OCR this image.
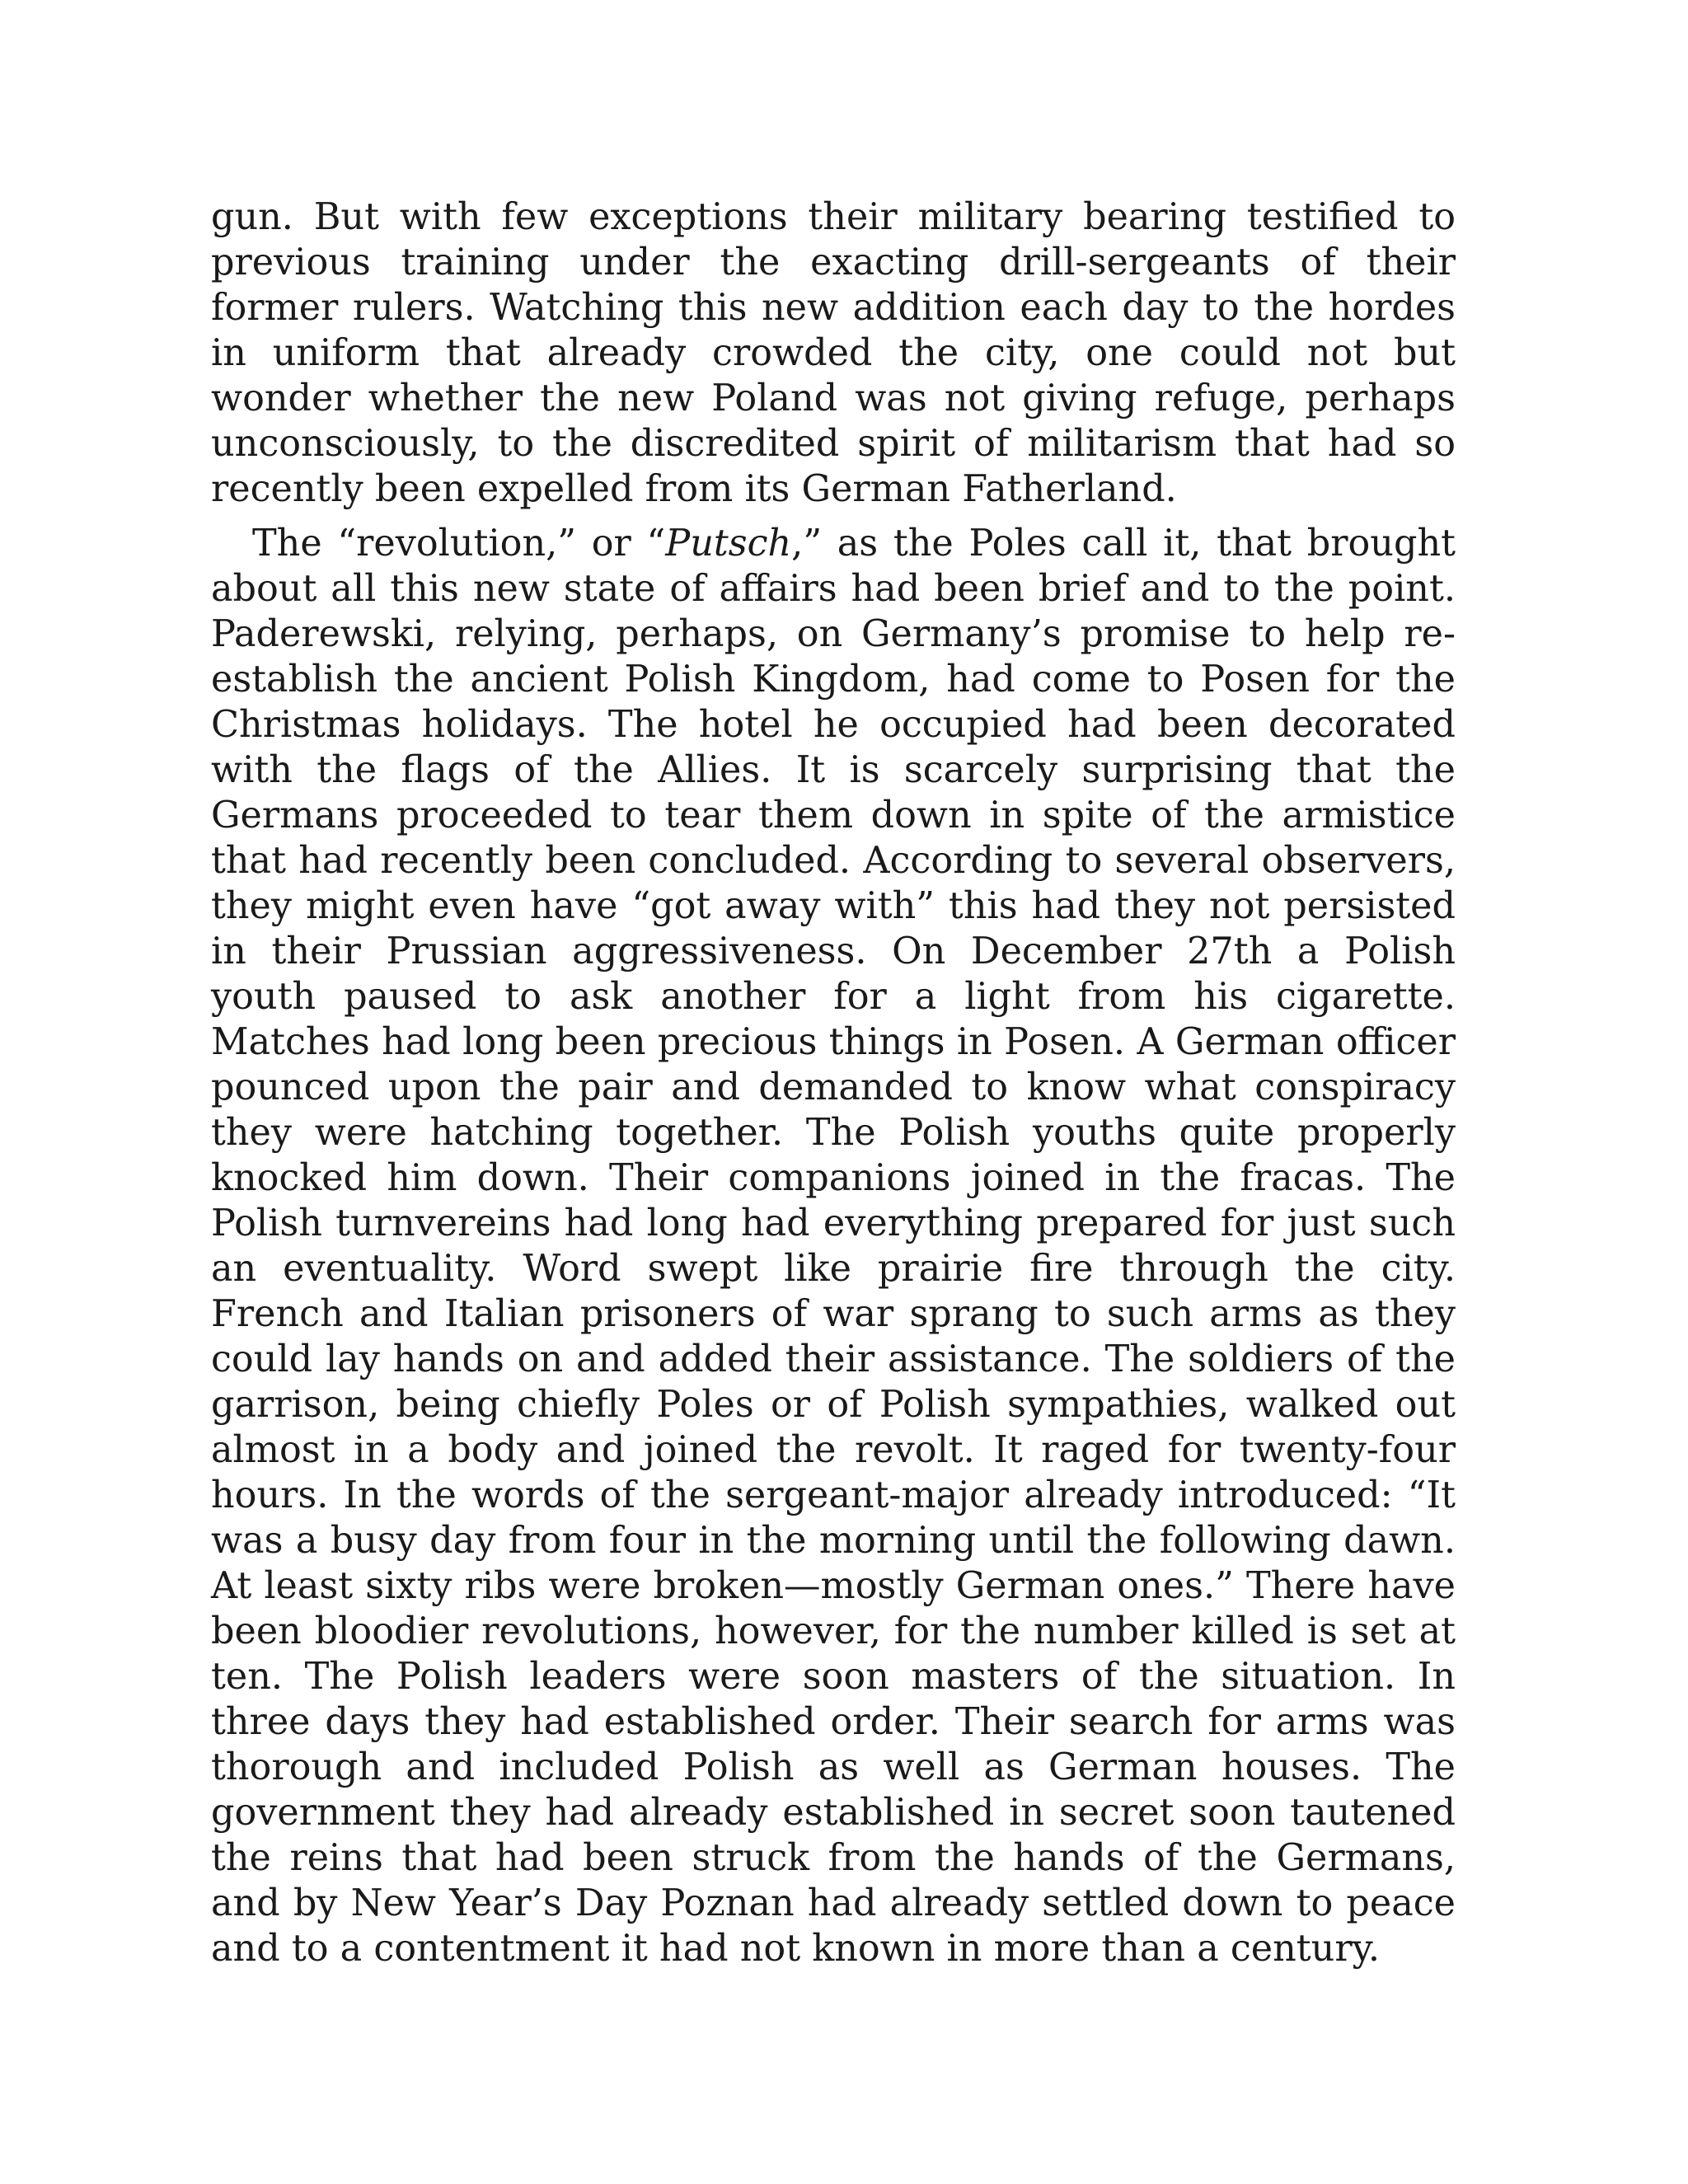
gun. But with few exceptions their military bearing testified to previous training under the exacting drill-sergeants of their former rulers. Watching this new addition each day to the hordes in uniform that already crowded the city, one could not but wonder whether the new Poland was not giving refuge, perhaps unconsciously, to the discredited spirit of militarism that had so recently been expelled from its German Fatherland.

The “revolution,” or “Putsch,” as the Poles call it, that brought about all this new state of affairs had been brief and to the point. Paderewski, relying, perhaps, on Germany’s promise to help re-establish the ancient Polish Kingdom, had come to Posen for the Christmas holidays. The hotel he occupied had been decorated with the flags of the Allies. It is scarcely surprising that the Germans proceeded to tear them down in spite of the armistice that had recently been concluded. According to several observers, they might even have “got away with” this had they not persisted in their Prussian aggressiveness. On December 27th a Polish youth paused to ask another for a light from his cigarette. Matches had long been precious things in Posen. A German officer pounced upon the pair and demanded to know what conspiracy they were hatching together. The Polish youths quite properly knocked him down. Their companions joined in the fracas. The Polish turnvereins had long had everything prepared for just such an eventuality. Word swept like prairie fire through the city. French and Italian prisoners of war sprang to such arms as they could lay hands on and added their assistance. The soldiers of the garrison, being chiefly Poles or of Polish sympathies, walked out almost in a body and joined the revolt. It raged for twenty-four hours. In the words of the sergeant-major already introduced: “It was a busy day from four in the morning until the following dawn. At least sixty ribs were broken—mostly German ones.” There have been bloodier revolutions, however, for the number killed is set at ten. The Polish leaders were soon masters of the situation. In three days they had established order. Their search for arms was thorough and included Polish as well as German houses. The government they had already established in secret soon tautened the reins that had been struck from the hands of the Germans, and by New Year’s Day Poznan had already settled down to peace and to a contentment it had not known in more than a century.
